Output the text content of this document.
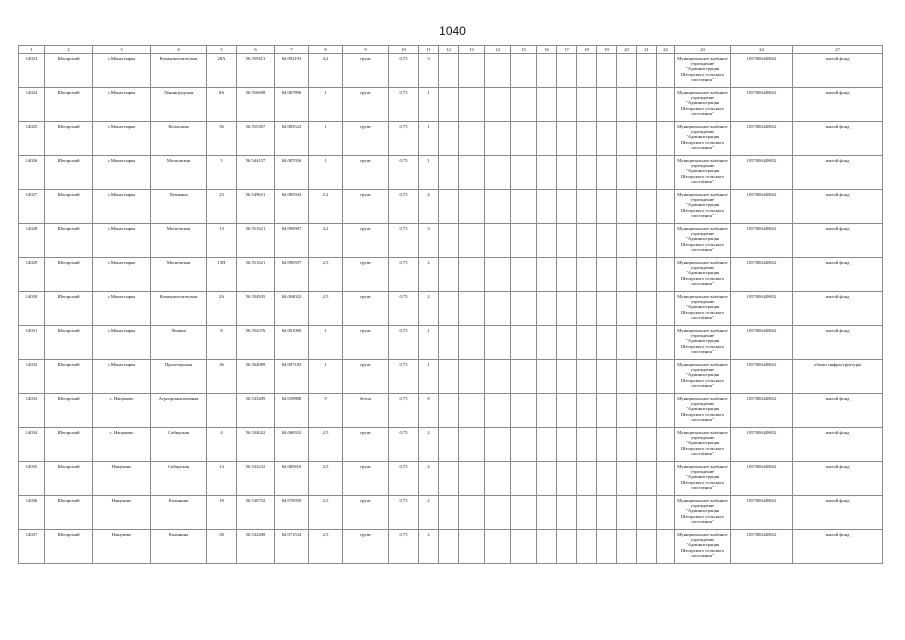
1040
1	2	3	4	5	6	7	8	9	10	11	12	13	14	15	16	17	18	19	20	21	22	23	24	27
14023	Шегарский	с.Монастырка	Коммунистическая	28А	56.559413	84.092193	4,2	грунт	0,75	3												Муниципальное казённое учреждение "Администрация Шегарского сельского поселения"	1057006448652	жилой фонд
14024	Шегарский	с.Монастырка	Ленинградская	8А	56.556698	84.087896	1	грунт	0,75	1												Муниципальное казённое учреждение "Администрация Шегарского сельского поселения"	1057006448652	жилой фонд
14025	Шегарский	с.Монастырка	Колхозная	56	56.555307	84.083522	1	грунт	0,75	1												Муниципальное казённое учреждение "Администрация Шегарского сельского поселения"	1057006448652	жилой фонд
14026	Шегарский	с.Монастырка	Московская	5	56.544137	84.087036	1	грунт	0,75	1												Муниципальное казённое учреждение "Администрация Шегарского сельского поселения"	1057006448652	жилой фонд
14027	Шегарский	с.Монастырка	Пушкина	23	56.549631	84.085943	5,2	грунт	0,75	4												Муниципальное казённое учреждение "Администрация Шегарского сельского поселения"	1057006448652	жилой фонд
14028	Шегарский	с.Монастырка	Московская	13	56.551621	84.090907	4,2	грунт	0,75	3												Муниципальное казённое учреждение "Администрация Шегарского сельского поселения"	1057006448652	жилой фонд
14029	Шегарский	с.Монастырка	Московская	13П	56.551621	84.090597	2,5	грунт	0,75	2												Муниципальное казённое учреждение "Администрация Шегарского сельского поселения"	1057006448652	жилой фонд
14030	Шегарский	с.Монастырка	Коммунистическая	2А	56.554935	84.094022	2,5	грунт	0,75	2												Муниципальное казённое учреждение "Администрация Шегарского сельского поселения"	1057006448652	жилой фонд
14031	Шегарский	с.Монастырка	Ленина	8	56.554376	84.091090	1	грунт	0,75	1												Муниципальное казённое учреждение "Администрация Шегарского сельского поселения"	1057006448652	жилой фонд
14032	Шегарский	с.Монастырка	Пролетарская	36	56.564089	84.097183	1	грунт	0,75	1												Муниципальное казённое учреждение "Администрация Шегарского сельского поселения"	1057006448652	объект инфраструктуры
14033	Шегарский	с. Нащеково	Агропромышленная		56.533209	84.039888	9	бетон	0,75	8												Муниципальное казённое учреждение "Администрация Шегарского сельского поселения"	1057006448652	жилой фонд
14034	Шегарский	с. Нащеково	Сибирская	4	56.534022	84.068310	2,5	грунт	0,75	2												Муниципальное казённое учреждение "Администрация Шегарского сельского поселения"	1057006448652	жилой фонд
14035	Шегарский	Нащеково	Сибирская	14	56.532232	84.069416	2,5	грунт	0,75	2												Муниципальное казённое учреждение "Администрация Шегарского сельского поселения"	1057006448652	жилой фонд
14036	Шегарский	Нащеково	Калинина	18	56.530752	84.070959	2,5	грунт	0,75	2												Муниципальное казённое учреждение "Администрация Шегарского сельского поселения"	1057006448652	жилой фонд
14037	Шегарский	Нащеково	Калинина	38	56.532408	84.071534	2,5	грунт	0,75	2												Муниципальное казённое учреждение "Администрация Шегарского сельского поселения"	1057006448652	жилой фонд
